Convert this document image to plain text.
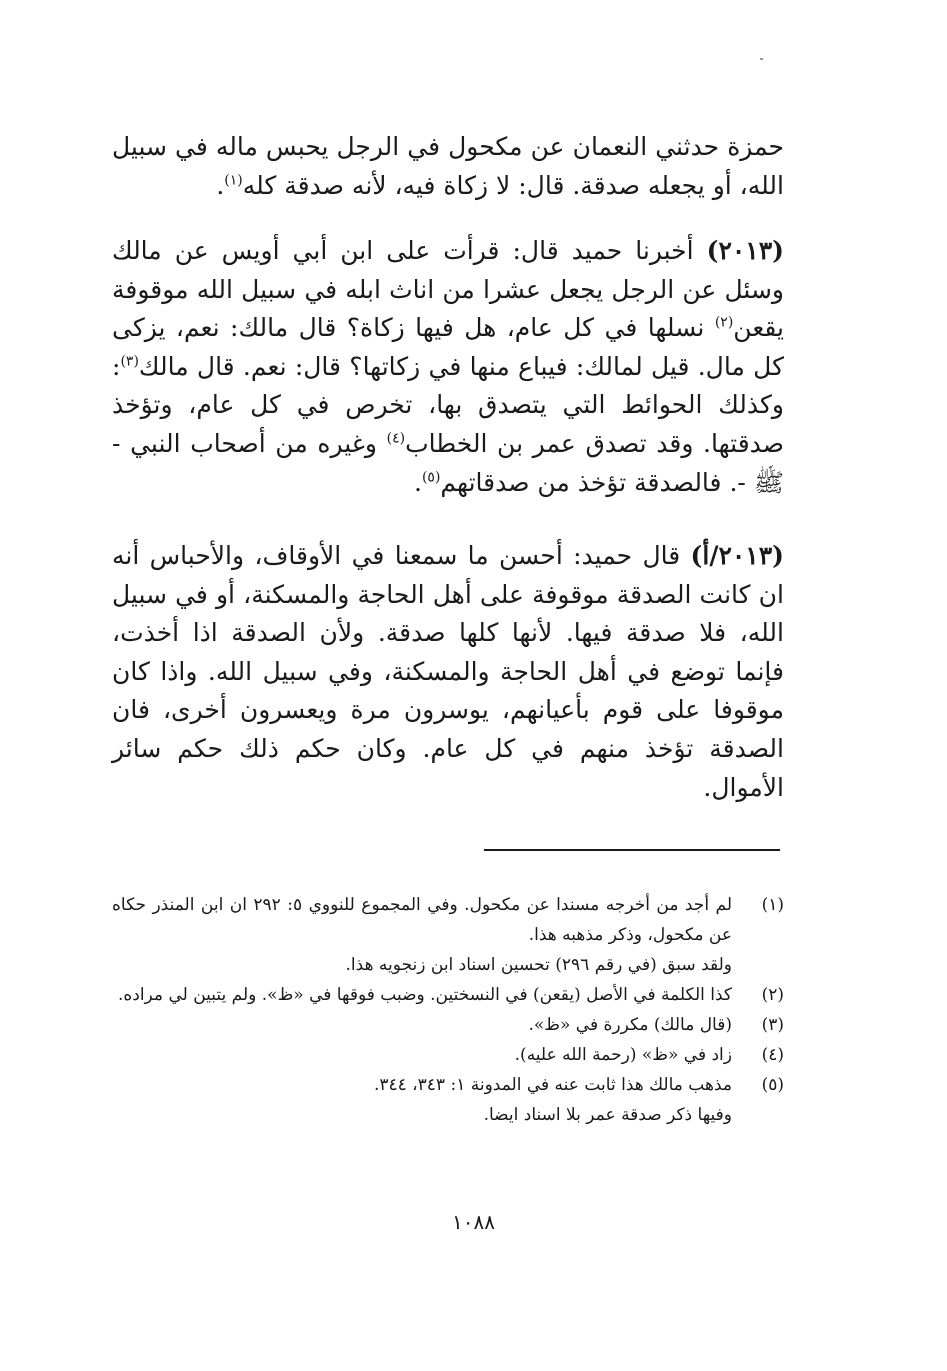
حمزة حدثني النعمان عن مكحول في الرجل يحبس ماله في سبيل الله، أو يجعله صدقة. قال: لا زكاة فيه، لأنه صدقة كله$^{(١)}$.

(٢٠١٣) أخبرنا حميد قال: قرأت على ابن أبي أويس عن مالك وسئل عن الرجل يجعل عشرا من اناث ابله في سبيل الله موقوفة يقعن$^{(٢)}$ نسلها في كل عام، هل فيها زكاة؟ قال مالك: نعم، يزكى كل مال. قيل لمالك: فيباع منها في زكاتها؟ قال: نعم. قال مالك$^{(٣)}$: وكذلك الحوائط التي يتصدق بها، تخرص في كل عام، وتؤخذ صدقتها. وقد تصدق عمر بن الخطاب$^{(٤)}$ وغيره من أصحاب النبي - ﷺ -. فالصدقة تؤخذ من صدقاتهم$^{(٥)}$.

(٢٠١٣/أ) قال حميد: أحسن ما سمعنا في الأوقاف، والأحباس أنه ان كانت الصدقة موقوفة على أهل الحاجة والمسكنة، أو في سبيل الله، فلا صدقة فيها. لأنها كلها صدقة. ولأن الصدقة اذا أخذت، فإنما توضع في أهل الحاجة والمسكنة، وفي سبيل الله. واذا كان موقوفا على قوم بأعيانهم، يوسرون مرة ويعسرون أخرى، فان الصدقة تؤخذ منهم في كل عام. وكان حكم ذلك حكم سائر الأموال.

(١)
لم أجد من أخرجه مسندا عن مكحول. وفي المجموع للنووي ٥: ٢٩٢ ان ابن المنذر حكاه عن مكحول، وذكر مذهبه هذا.
ولقد سبق (في رقم ٢٩٦) تحسين اسناد ابن زنجويه هذا.
(٢)
كذا الكلمة في الأصل (يقعن) في النسختين. وضبب فوقها في «ظ». ولم يتبين لي مراده.
(٣)
(قال مالك) مكررة في «ظ».
(٤)
زاد في «ظ» (رحمة الله عليه).
(٥)
مذهب مالك هذا ثابت عنه في المدونة ١: ٣٤٣، ٣٤٤.
وفيها ذكر صدقة عمر بلا اسناد ايضا.
١٠٨٨
